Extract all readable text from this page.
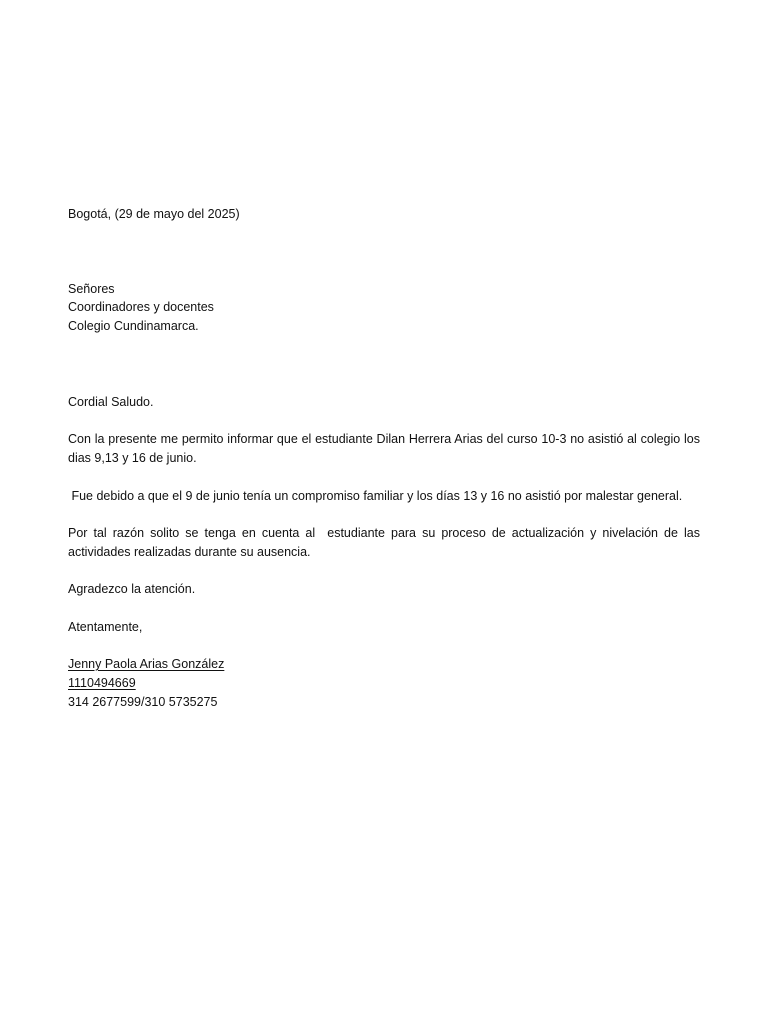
Bogotá, (29 de mayo del 2025)
Señores
Coordinadores y docentes
Colegio Cundinamarca.
Cordial Saludo.
Con la presente me permito informar que el estudiante Dilan Herrera Arias del curso 10-3 no asistió al colegio los dias 9,13 y 16 de junio.
Fue debido a que el 9 de junio tenía un compromiso familiar y los días 13 y 16 no asistió por malestar general.
Por tal razón solito se tenga en cuenta al  estudiante para su proceso de actualización y nivelación de las actividades realizadas durante su ausencia.
Agradezco la atención.
Atentamente,
Jenny Paola Arias González
1110494669
314 2677599/310 5735275
